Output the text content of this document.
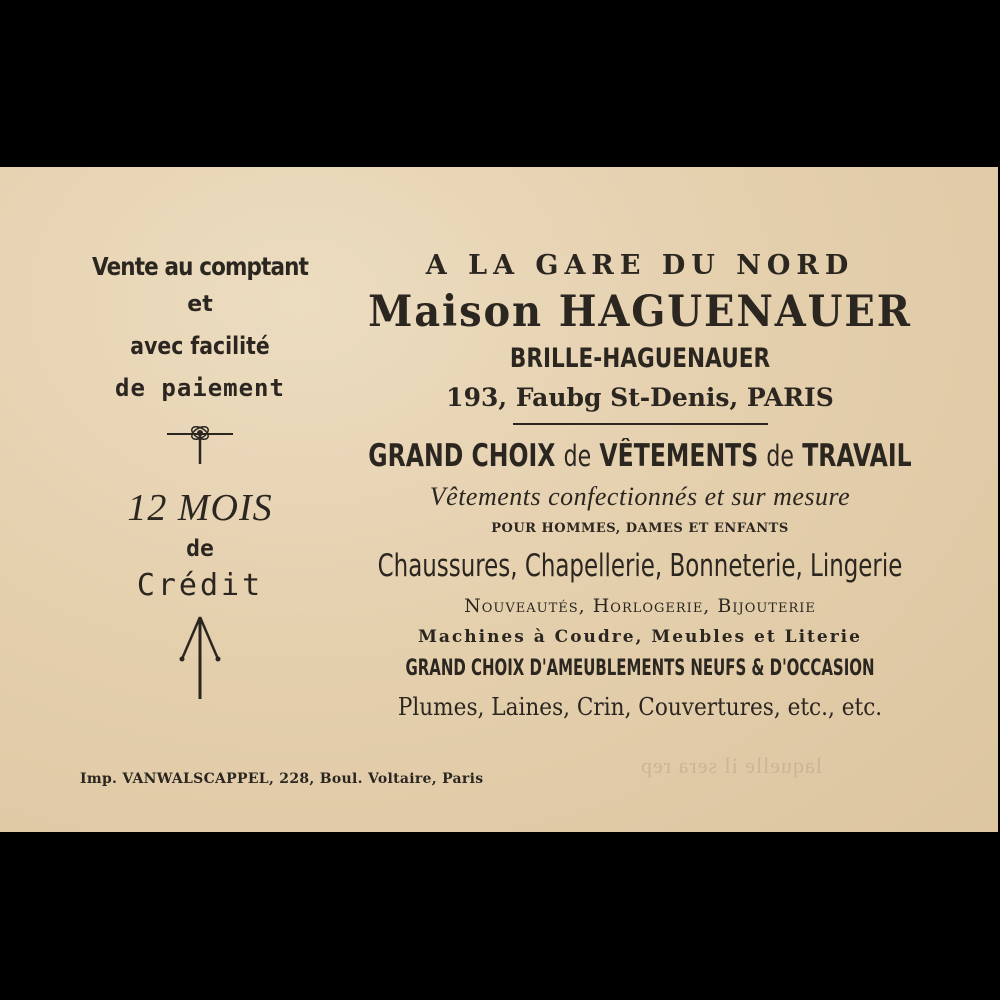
laquelle il sera rep
Vente au comptant
et
avec facilité
de paiement
12 MOIS
de
Crédit
A LA GARE DU NORD
Maison HAGUENAUER
BRILLE-HAGUENAUER
193, Faubg St-Denis, PARIS
GRAND CHOIX de VÊTEMENTS de TRAVAIL
Vêtements confectionnés et sur mesure
POUR HOMMES, DAMES ET ENFANTS
Chaussures, Chapellerie, Bonneterie, Lingerie
Nouveautés, Horlogerie, Bijouterie
Machines à Coudre, Meubles et Literie
GRAND CHOIX D'AMEUBLEMENTS NEUFS & D'OCCASION
Plumes, Laines, Crin, Couvertures, etc., etc.
Imp. VANWALSCAPPEL, 228, Boul. Voltaire, Paris
